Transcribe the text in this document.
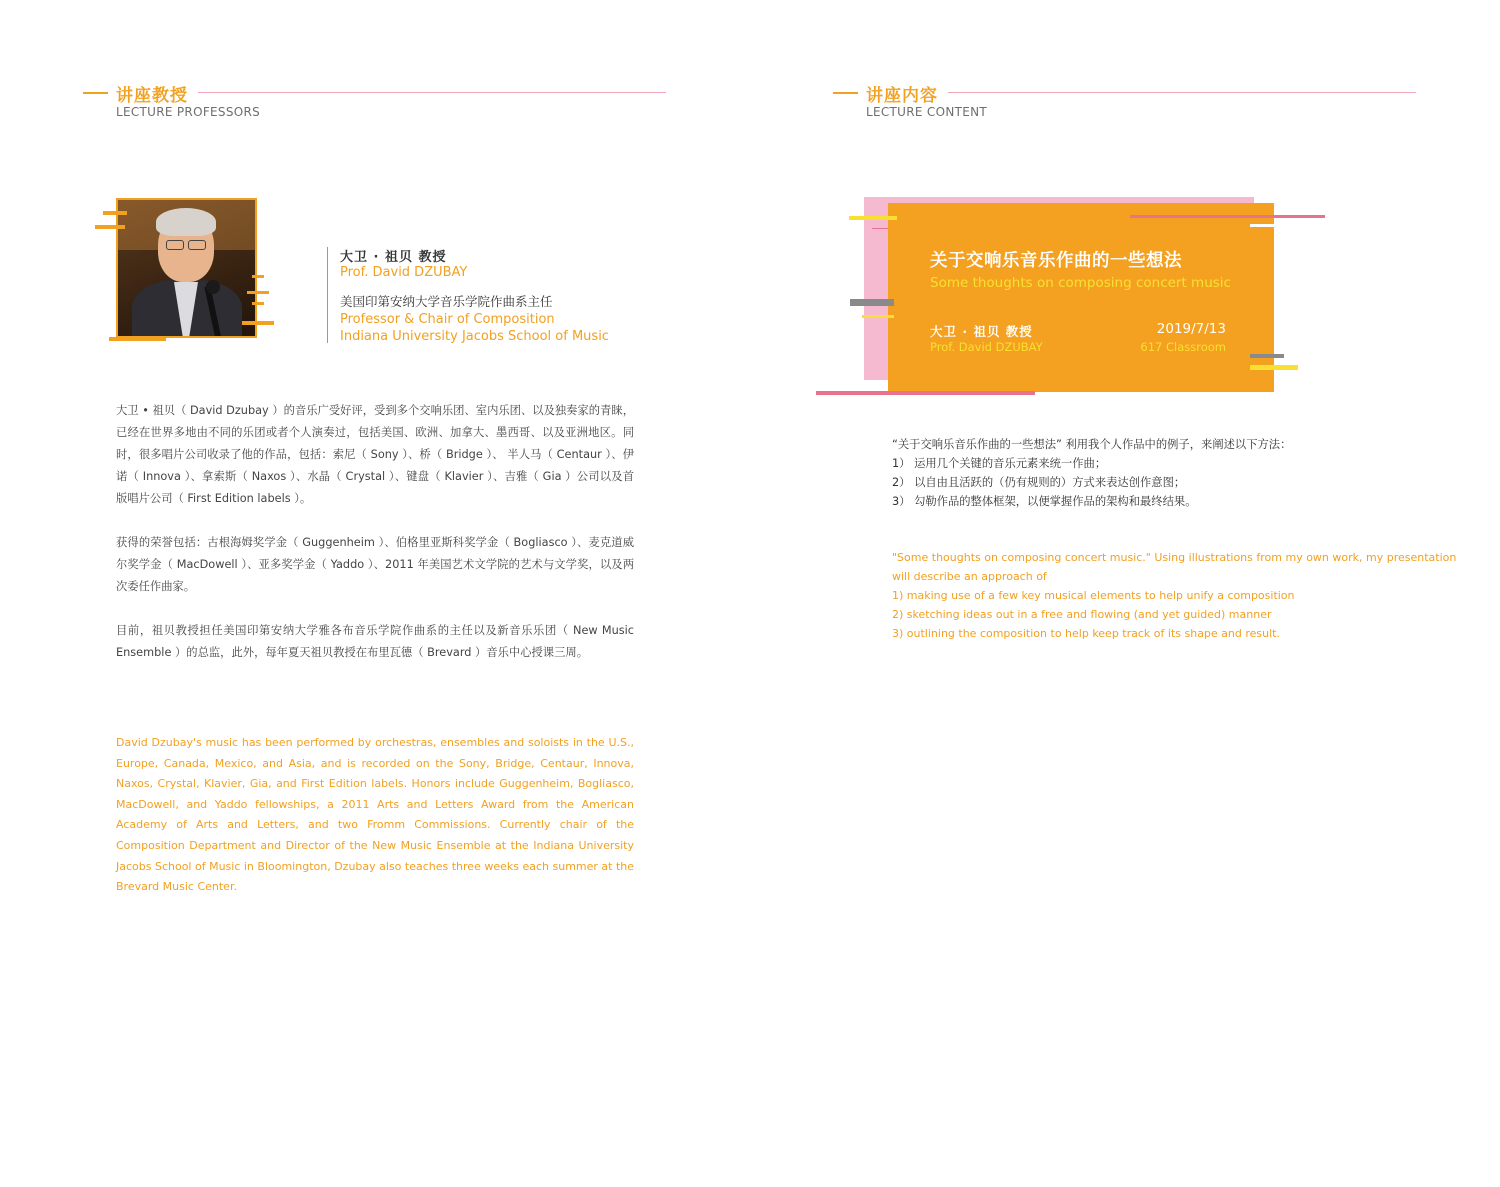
讲座教授
LECTURE PROFESSORS
讲座内容
LECTURE CONTENT
大卫 · 祖贝 教授
Prof. David DZUBAY
美国印第安纳大学音乐学院作曲系主任
Professor & Chair of Composition
Indiana University Jacobs School of Music

大卫 • 祖贝（ David Dzubay ）的音乐广受好评，受到多个交响乐团、室内乐团、以及独奏家的青睐，已经在世界多地由不同的乐团或者个人演奏过，包括美国、欧洲、加拿大、墨西哥、以及亚洲地区。同时，很多唱片公司收录了他的作品，包括：索尼（ Sony ）、桥（ Bridge ）、 半人马（ Centaur ）、伊诺（ Innova ）、拿索斯（ Naxos ）、水晶（ Crystal ）、键盘（ Klavier ）、吉雅（ Gia ）公司以及首版唱片公司（ First Edition labels ）。

获得的荣誉包括：古根海姆奖学金（ Guggenheim ）、伯格里亚斯科奖学金（ Bogliasco ）、麦克道威尔奖学金（ MacDowell ）、亚多奖学金（ Yaddo ）、2011 年美国艺术文学院的艺术与文学奖，以及两次委任作曲家。

目前，祖贝教授担任美国印第安纳大学雅各布音乐学院作曲系的主任以及新音乐乐团（ New Music Ensemble ）的总监，此外，每年夏天祖贝教授在布里瓦德（ Brevard ）音乐中心授课三周。

David Dzubay's music has been performed by orchestras, ensembles and soloists in the U.S., Europe, Canada, Mexico, and Asia, and is recorded on the Sony, Bridge, Centaur, Innova, Naxos, Crystal, Klavier, Gia, and First Edition labels. Honors include Guggenheim, Bogliasco, MacDowell, and Yaddo fellowships, a 2011 Arts and Letters Award from the American Academy of Arts and Letters, and two Fromm Commissions. Currently chair of the Composition Department and Director of the New Music Ensemble at the Indiana University Jacobs School of Music in Bloomington, Dzubay also teaches three weeks each summer at the Brevard Music Center.

关于交响乐音乐作曲的一些想法
Some thoughts on composing concert music
大卫 · 祖贝 教授
Prof. David DZUBAY
2019/7/13
617 Classroom
“关于交响乐音乐作曲的一些想法” 利用我个人作品中的例子，来阐述以下方法：
1） 运用几个关键的音乐元素来统一作曲；
2） 以自由且活跃的（仍有规则的）方式来表达创作意图；
3） 勾勒作品的整体框架，以便掌握作品的架构和最终结果。
"Some thoughts on composing concert music." Using illustrations from my own work, my presentation
will describe an approach of
1) making use of a few key musical elements to help unify a composition
2) sketching ideas out in a free and flowing (and yet guided) manner
3) outlining the composition to help keep track of its shape and result.
